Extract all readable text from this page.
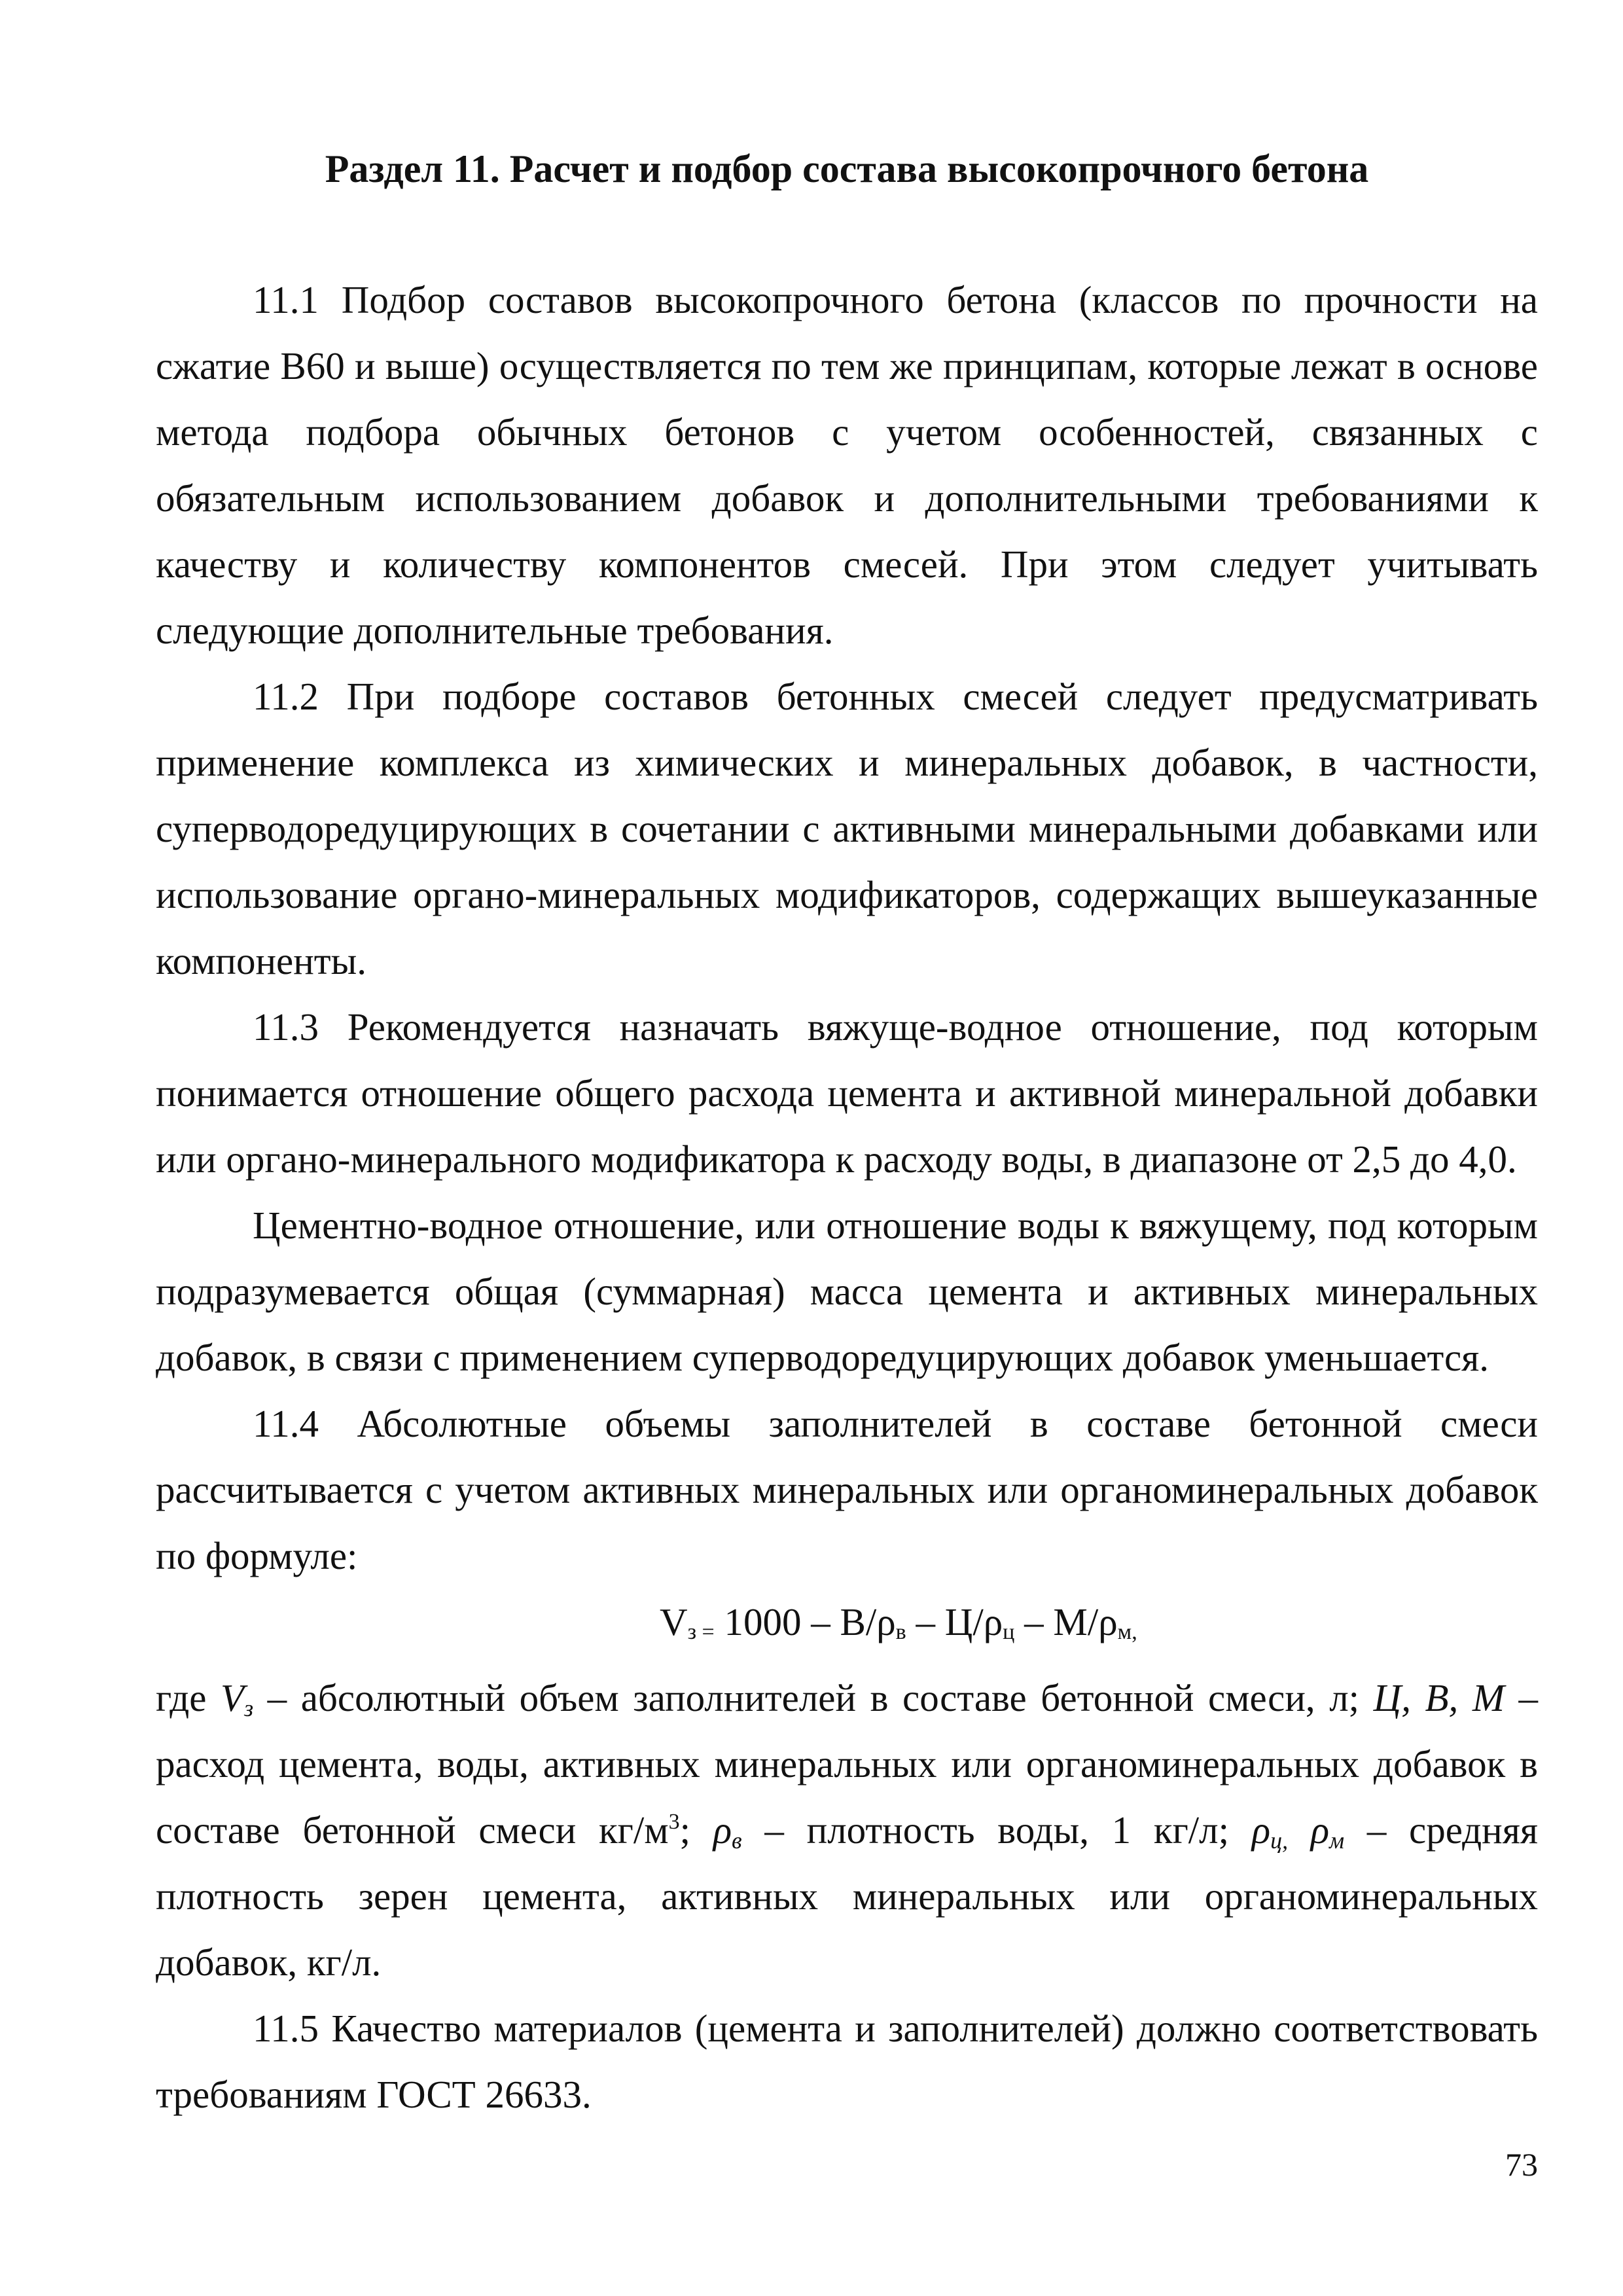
Раздел 11. Расчет и подбор состава высокопрочного бетона

11.1 Подбор составов высокопрочного бетона (классов по прочности на сжатие В60 и выше) осуществляется по тем же принципам, которые лежат в основе метода подбора обычных бетонов с учетом особенностей, связанных с обязательным использованием добавок и дополнительными требованиями к качеству и количеству компонентов смесей. При этом следует учитывать следующие дополнительные требования.

11.2 При подборе составов бетонных смесей следует предусматривать применение комплекса из химических и минеральных добавок, в частности, суперводоредуцирующих в сочетании с активными минеральными добавками или использование органо-минеральных модификаторов, содержащих вышеуказанные компоненты.

11.3 Рекомендуется назначать вяжуще-водное отношение, под которым понимается отношение общего расхода цемента и активной минеральной добавки или органо-минерального модификатора к расходу воды, в диапазоне от 2,5 до 4,0.

Цементно-водное отношение, или отношение воды к вяжущему, под которым подразумевается общая (суммарная) масса цемента и активных минеральных добавок, в связи с применением суперводоредуцирующих добавок уменьшается.

11.4 Абсолютные объемы заполнителей в составе бетонной смеси рассчитывается с учетом активных минеральных или органоминеральных добавок по формуле:

$V_{з =}$ $1000 - В/\rho_в - Ц/\rho_ц - М/\rho_{м,}$

где $V_з$ – абсолютный объем заполнителей в составе бетонной смеси, л; Ц, В, М – расход цемента, воды, активных минеральных или органоминеральных добавок в составе бетонной смеси $кг/м^3$; $\rho_в$ – плотность воды, 1 кг/л; $\rho_{ц,}$ $\rho_м$ – средняя плотность зерен цемента, активных минеральных или органоминеральных добавок, кг/л.

11.5 Качество материалов (цемента и заполнителей) должно соответствовать требованиям ГОСТ 26633.

73
